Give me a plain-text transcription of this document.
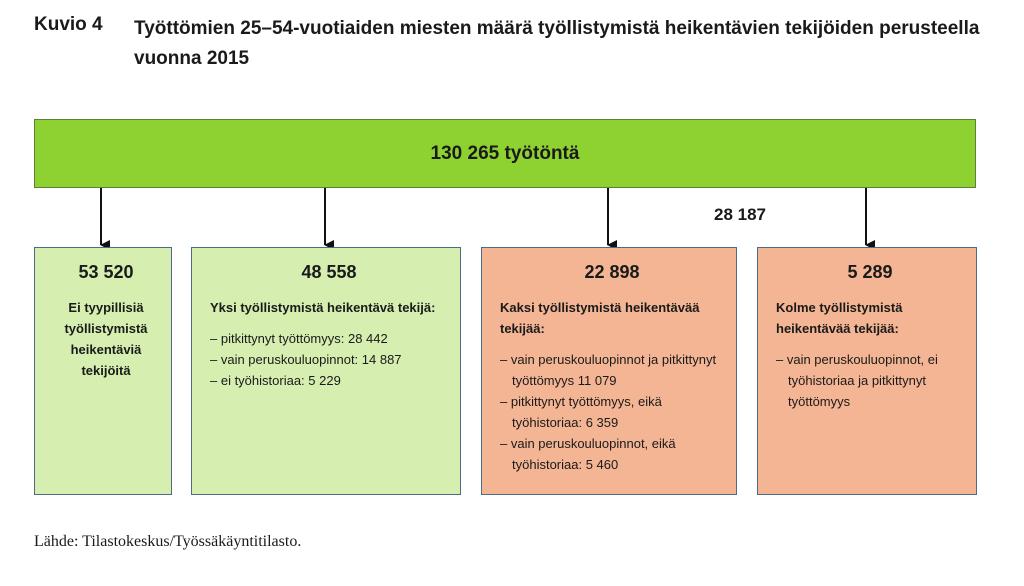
Kuvio 4 Työttömien 25–54-vuotiaiden miesten määrä työllistymistä heikentävien tekijöiden perusteella vuonna 2015
130 265 työtöntä
28 187
53 520
Ei tyypillisiä työllistymistä heikentäviä tekijöitä
48 558
Yksi työllistymistä heikentävä tekijä:
– pitkittynyt työttömyys: 28 442
– vain peruskouluopinnot: 14 887
– ei työhistoriaa: 5 229
22 898
Kaksi työllistymistä heikentävää tekijää:
– vain peruskouluopinnot ja pitkittynyt työttömyys 11 079
– pitkittynyt työttömyys, eikä työhistoriaa: 6 359
– vain peruskouluopinnot, eikä työhistoriaa: 5 460
5 289
Kolme työllistymistä heikentävää tekijää:
– vain peruskouluopinnot, ei työhistoriaa ja pitkittynyt työttömyys
Lähde: Tilastokeskus/Työssäkäyntitilasto.
